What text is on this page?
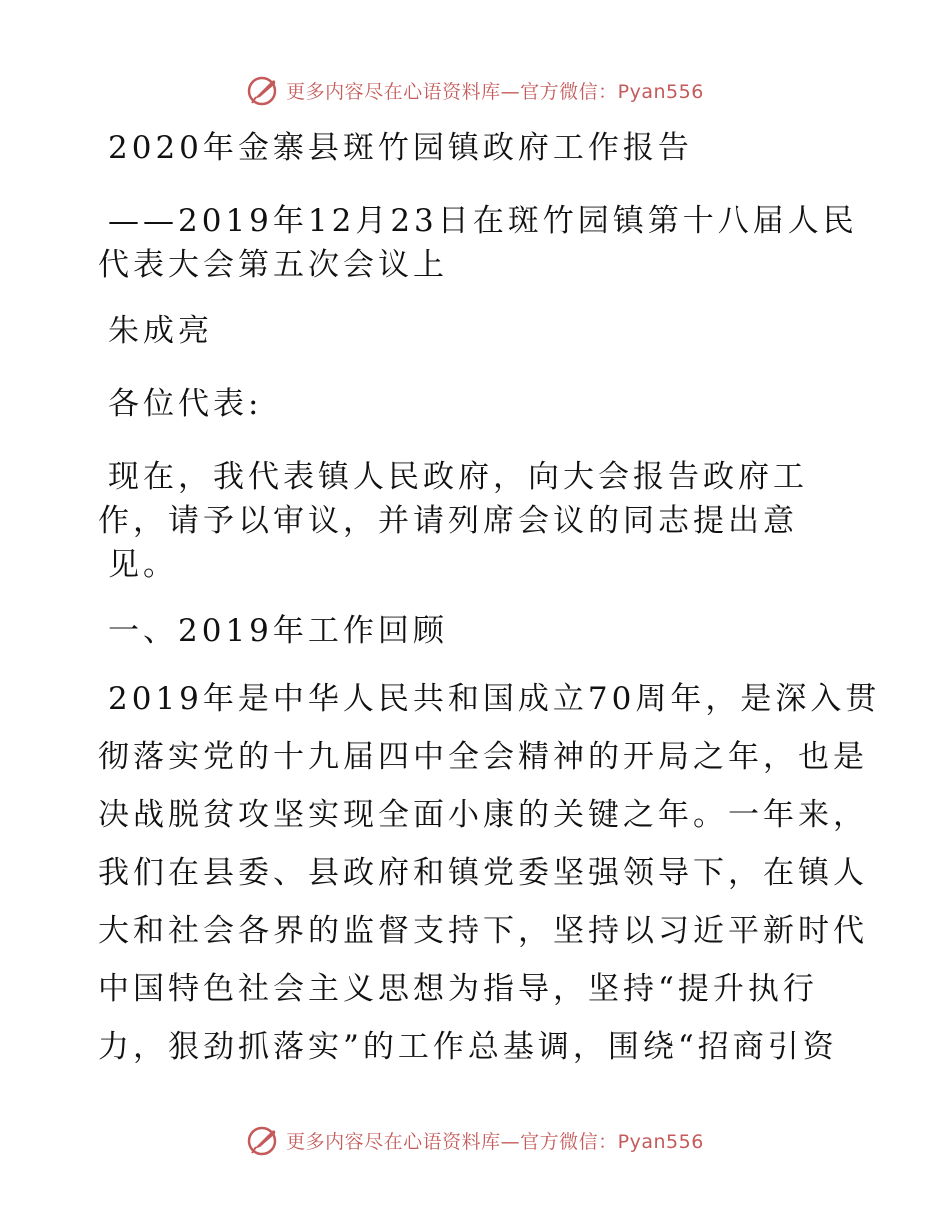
更多内容尽在心语资料库—官方微信：Pyan556

2020年金寨县斑竹园镇政府工作报告

——2019年12月23日在斑竹园镇第十八届人民
代表大会第五次会议上

朱成亮

各位代表:

现在，我代表镇人民政府，向大会报告政府工
作，请予以审议，并请列席会议的同志提出意见。

一、2019年工作回顾

2019年是中华人民共和国成立70周年，是深入贯
彻落实党的十九届四中全会精神的开局之年，也是
决战脱贫攻坚实现全面小康的关键之年。一年来，
我们在县委、县政府和镇党委坚强领导下，在镇人
大和社会各界的监督支持下，坚持以习近平新时代
中国特色社会主义思想为指导，坚持“提升执行
力，狠劲抓落实”的工作总基调，围绕“招商引资
更多内容尽在心语资料库—官方微信：Pyan556
